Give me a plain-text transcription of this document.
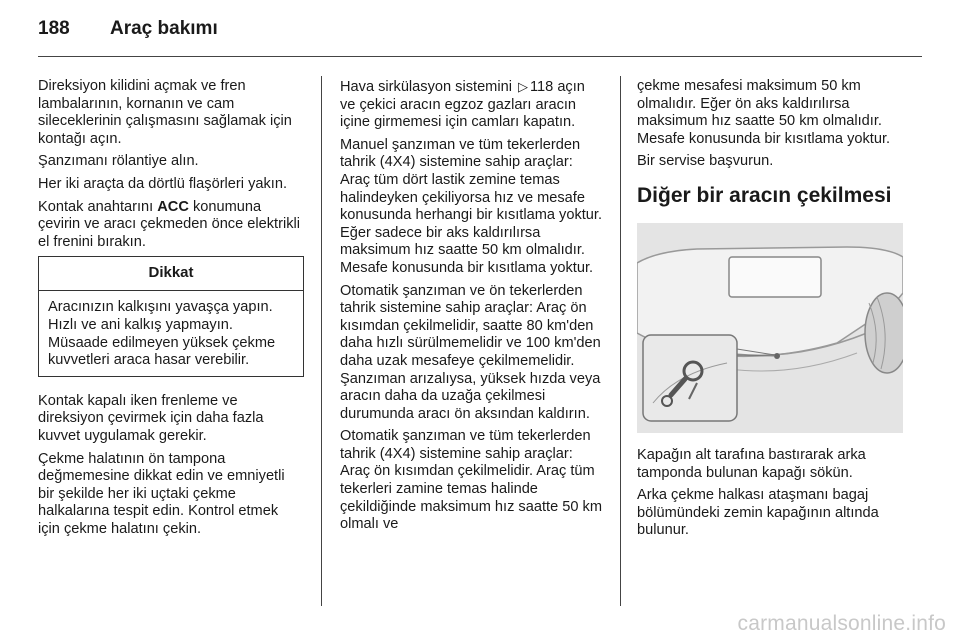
188	Araç bakımı

Direksiyon kilidini açmak ve fren lambalarının, kornanın ve cam sileceklerinin çalışmasını sağlamak için kontağı açın.

Şanzımanı rölantiye alın.

Her iki araçta da dörtlü flaşörleri yakın.

Kontak anahtarını ACC konumuna çevirin ve aracı çekmeden önce elektrikli el frenini bırakın.

Dikkat
Aracınızın kalkışını yavaşça yapın. Hızlı ve ani kalkış yapmayın. Müsaade edilmeyen yüksek çekme kuvvetleri araca hasar verebilir.

Kontak kapalı iken frenleme ve direksiyon çevirmek için daha fazla kuvvet uygulamak gerekir.

Çekme halatının ön tampona değmemesine dikkat edin ve emniyetli bir şekilde her iki uçtaki çekme halkalarına tespit edin. Kontrol etmek için çekme halatını çekin.

Hava sirkülasyon sistemini ▷ 118 açın ve çekici aracın egzoz gazları aracın içine girmemesi için camları kapatın.

Manuel şanzıman ve tüm tekerlerden tahrik (4X4) sistemine sahip araçlar: Araç tüm dört lastik zemine temas halindeyken çekiliyorsa hız ve mesafe konusunda herhangi bir kısıtlama yoktur. Eğer sadece bir aks kaldırılırsa maksimum hız saatte 50 km olmalıdır. Mesafe konusunda bir kısıtlama yoktur.

Otomatik şanzıman ve ön tekerlerden tahrik sistemine sahip araçlar: Araç ön kısımdan çekilmelidir, saatte 80 km'den daha hızlı sürülmemelidir ve 100 km'den daha uzak mesafeye çekilmemelidir. Şanzıman arızalıysa, yüksek hızda veya aracın daha da uzağa çekilmesi durumunda aracı ön aksından kaldırın.

Otomatik şanzıman ve tüm tekerlerden tahrik (4X4) sistemine sahip araçlar: Araç ön kısımdan çekilmelidir. Araç tüm tekerleri zamine temas halinde çekildiğinde maksimum hız saatte 50 km olmalı ve

çekme mesafesi maksimum 50 km olmalıdır. Eğer ön aks kaldırılırsa maksimum hız saatte 50 km olmalıdır. Mesafe konusunda bir kısıtlama yoktur.

Bir servise başvurun.

Diğer bir aracın çekilmesi

Kapağın alt tarafına bastırarak arka tamponda bulunan kapağı sökün.

Arka çekme halkası ataşmanı bagaj bölümündeki zemin kapağının altında bulunur.

carmanualsonline.info
